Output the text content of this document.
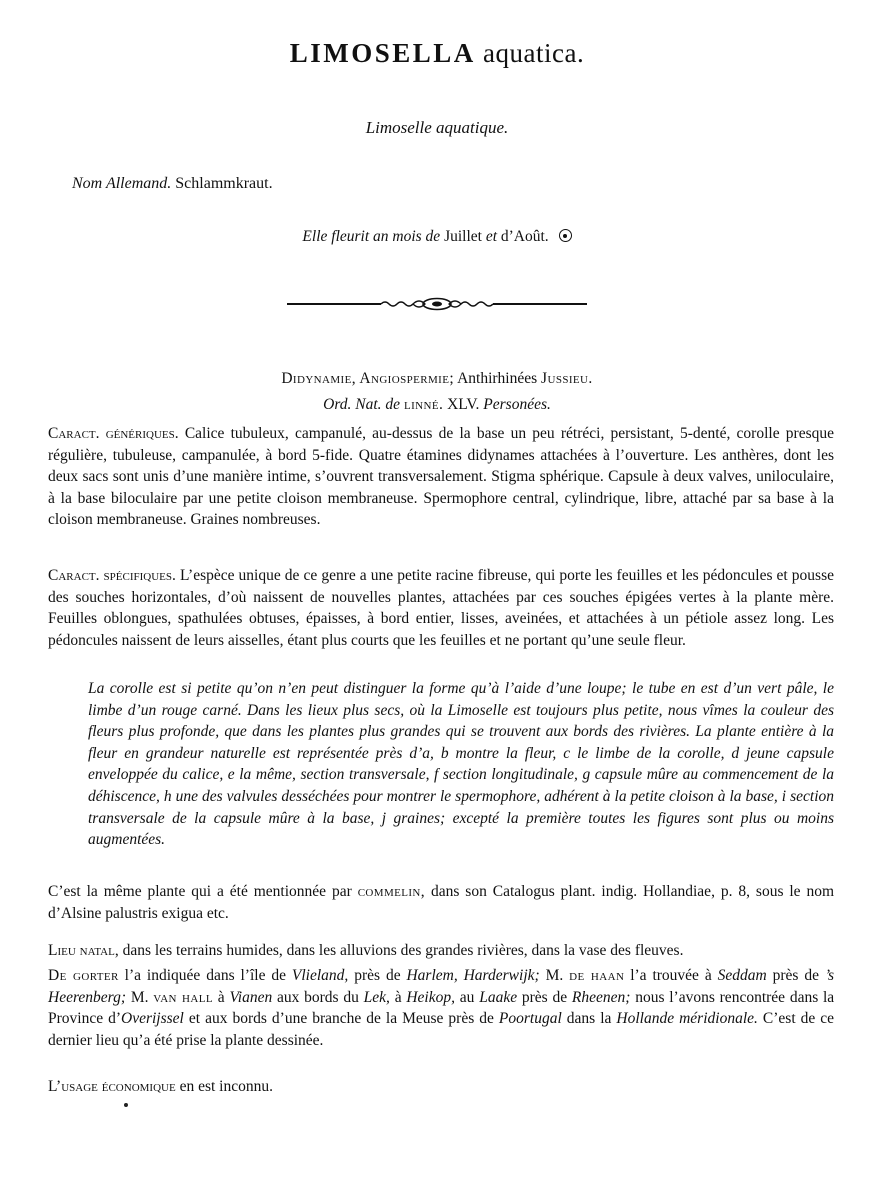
LIMOSELLA aquatica.
Limoselle aquatique.
Nom Allemand. Schlammkraut.
Elle fleurit an mois de Juillet et d’Août.
Didynamie, Angiospermie; Anthirhinées Jussieu.
Ord. Nat. de linné. XLV. Personées.
Caract. génériques. Calice tubuleux, campanulé, au-dessus de la base un peu rétréci, persistant, 5-denté, corolle presque régulière, tubuleuse, campanulée, à bord 5-fide. Quatre étamines didynames attachées à l’ouverture. Les anthères, dont les deux sacs sont unis d’une manière intime, s’ouvrent transversalement. Stigma sphérique. Capsule à deux valves, uniloculaire, à la base biloculaire par une petite cloison membraneuse. Spermophore central, cylindrique, libre, attaché par sa base à la cloison membraneuse. Graines nombreuses.
Caract. spécifiques. L’espèce unique de ce genre a une petite racine fibreuse, qui porte les feuilles et les pédoncules et pousse des souches horizontales, d’où naissent de nouvelles plantes, attachées par ces souches épigées vertes à la plante mère. Feuilles oblongues, spathulées obtuses, épaisses, à bord entier, lisses, aveinées, et attachées à un pétiole assez long. Les pédoncules naissent de leurs aisselles, étant plus courts que les feuilles et ne portant qu’une seule fleur.
La corolle est si petite qu’on n’en peut distinguer la forme qu’à l’aide d’une loupe; le tube en est d’un vert pâle, le limbe d’un rouge carné. Dans les lieux plus secs, où la Limoselle est toujours plus petite, nous vîmes la couleur des fleurs plus profonde, que dans les plantes plus grandes qui se trouvent aux bords des rivières. La plante entière à la fleur en grandeur naturelle est représentée près d’a, b montre la fleur, c le limbe de la corolle, d jeune capsule enveloppée du calice, e la même, section transversale, f section longitudinale, g capsule mûre au commencement de la déhiscence, h une des valvules desséchées pour montrer le spermophore, adhérent à la petite cloison à la base, i section transversale de la capsule mûre à la base, j graines; excepté la première toutes les figures sont plus ou moins augmentées.
C’est la même plante qui a été mentionnée par commelin, dans son Catalogus plant. indig. Hollandiae, p. 8, sous le nom d’Alsine palustris exigua etc.
Lieu natal, dans les terrains humides, dans les alluvions des grandes rivières, dans la vase des fleuves.
De gorter l’a indiquée dans l’île de Vlieland, près de Harlem, Harderwijk; M. de haan l’a trouvée à Seddam près de ’s Heerenberg; M. van hall à Vianen aux bords du Lek, à Heikop, au Laake près de Rheenen; nous l’avons rencontrée dans la Province d’Overijssel et aux bords d’une branche de la Meuse près de Poortugal dans la Hollande méridionale. C’est de ce dernier lieu qu’a été prise la plante dessinée.
L’usage économique en est inconnu.
